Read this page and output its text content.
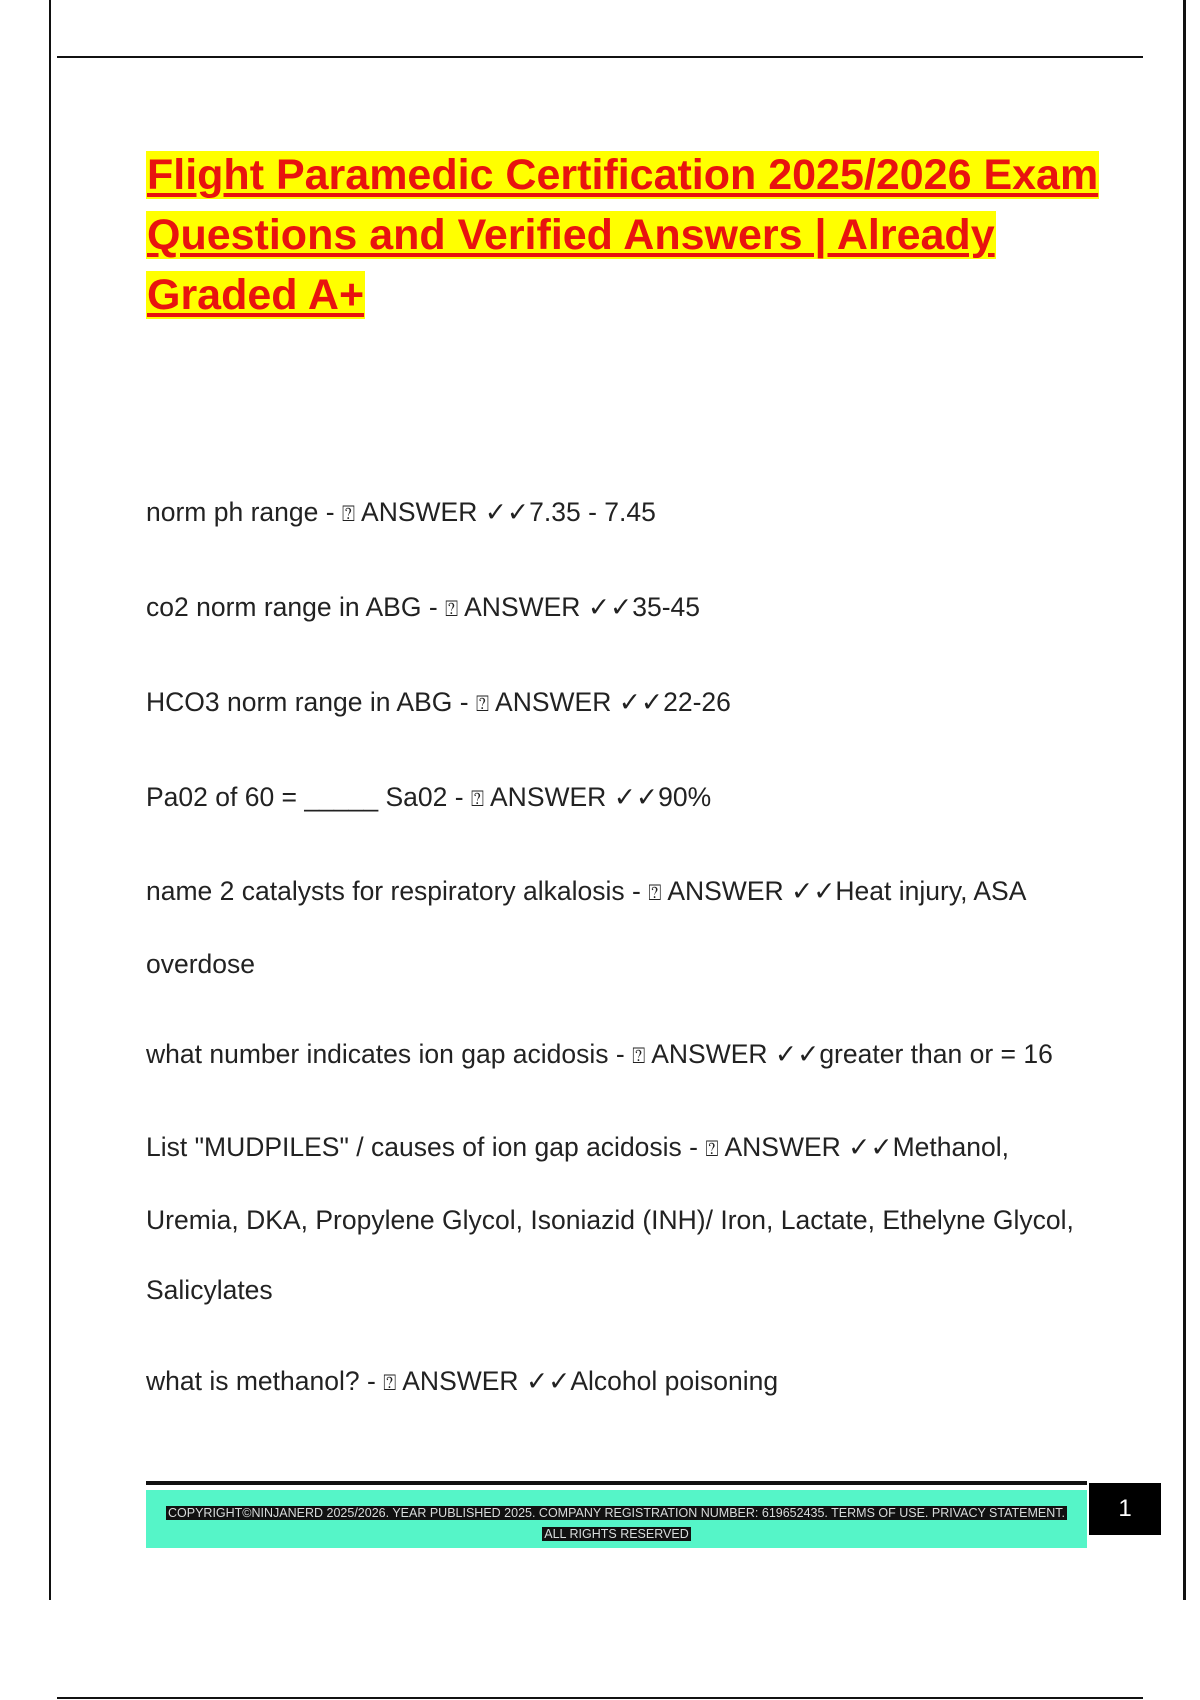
Flight Paramedic Certification 2025/2026 Exam Questions and Verified Answers | Already Graded A+

norm ph range - ⍰ ANSWER ✓✓7.35 - 7.45

co2 norm range in ABG - ⍰ ANSWER ✓✓35-45

HCO3 norm range in ABG - ⍰ ANSWER ✓✓22-26

Pa02 of 60 = _____ Sa02 - ⍰ ANSWER ✓✓90%

name 2 catalysts for respiratory alkalosis - ⍰ ANSWER ✓✓Heat injury, ASA overdose

what number indicates ion gap acidosis - ⍰ ANSWER ✓✓greater than or = 16

List "MUDPILES" / causes of ion gap acidosis - ⍰ ANSWER ✓✓Methanol, Uremia, DKA, Propylene Glycol, Isoniazid (INH)/ Iron, Lactate, Ethelyne Glycol, Salicylates

what is methanol? - ⍰ ANSWER ✓✓Alcohol poisoning

COPYRIGHT©NINJANERD 2025/2026. YEAR PUBLISHED 2025. COMPANY REGISTRATION NUMBER: 619652435. TERMS OF USE. PRIVACY STATEMENT. ALL RIGHTS RESERVED
1
